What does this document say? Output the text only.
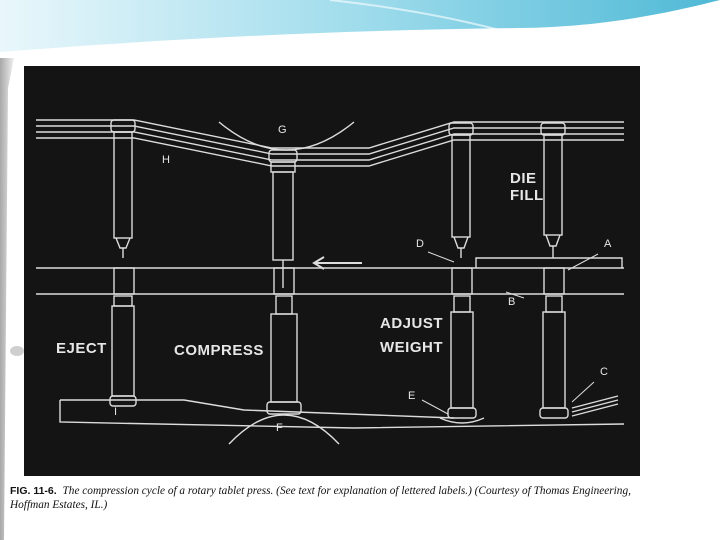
DIE
FILL
ADJUST
WEIGHT
EJECT	COMPRESS
G
H
D	A
B
C
E
I
F
FIG. 11-6. The compression cycle of a rotary tablet press. (See text for explanation of lettered labels.) (Courtesy of Thomas Engineering, Hoffman Estates, IL.)
